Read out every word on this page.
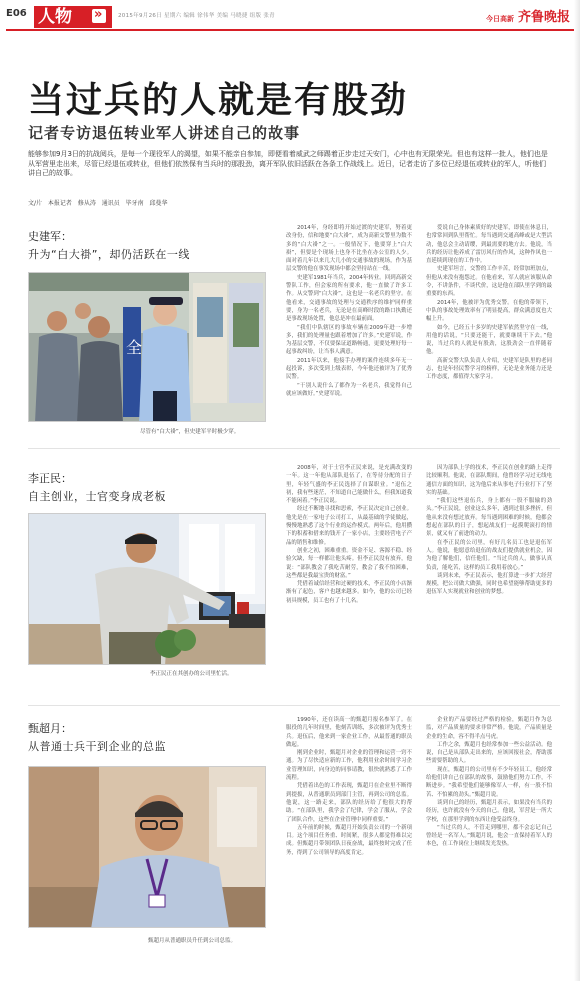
E06 人物 »	2015年9月26日 星期六 编辑 徐伟华 美编 马晓捷 组版 张青	今日高新 齐鲁晚报
当过兵的人就是有股劲
记者专访退伍转业军人讲述自己的故事

能够参加9月3日的抗战阅兵，是每一个现役军人的渴望，如果不能亲自参加，即便看着威武之师踢着正步走过天安门，心中也有无限荣光。但也有这样一批人，他们也是从军营里走出来，尽管已经退伍或转业，但他们依然保有当兵时的那股劲，离开军队依旧活跃在各条工作战线上。近日，记者走访了多位已经退伍或转业的军人，听他们讲自己的故事。

文/片 本报记者 修从涛 通讯员 毕牙南 邱曼华

史建军：
升为“白大褂”，却仍活跃在一线
全
尽管有“白大褂”，但史建军平时极少穿。

2014年，身经即将开始过渡的史建军，努着更改身份，信和地要“白大褂”，成为高新交警里为数不多的“白大褂”之一。一般情况下，他要穿上“白大褂”，但要是个现场上也身不比坐在办公室的人少。面对着几年以来几大几小的交通事故的现场，作为基层交警的他在事发现场中都会坚持站在一线。

史建军1981年当兵，2004年转业。回到高新交警队工作，但会家的所有要求，他一直做了许多工作。从交警到“白大褂”，这也是一名老兵的坚守。在他看来，交通事故的处理与交通秩序的维护同样重要，身为一名老兵，无论是在高峰时段的路口执勤还是事故现场处置，他总是冲在最前面。

“我们中队辖区的事故车辆在2009年进一步增多，我们的处理量也跟着增加了许多。”史建军说，作为基层交警，不仅要保证道路畅通，更要处理好每一起事故纠纷，让当事人满意。

2011年以来，他接手办理的案件连续多年无一起投诉，多次受到上级表彰，今年他还被评为了优秀民警。

“干别人说什么了都作为一名老兵，我觉得自己就应该做好。”史建军说。

爱说自己身体素质好的史建军，即使在休息日，也常常回到队里帮忙。每当遇到交通高峰或是大型活动，他总会主动请缨，到最需要的地方去。他说，当兵的经历让他养成了雷厉风行的作风，这种作风也一直延续到现在的工作中。

史建军坦言，交警的工作辛苦，经常加班加点，但他从来没有抱怨过。在他看来，军人就应该服从命令，不讲条件，不谈代价，这是他在部队里学到的最重要的东西。

2014年，他被评为优秀交警。在他的带领下，中队的事故处理效率有了明显提高，群众满意度也大幅上升。

如今，已经五十多岁的史建军依然坚守在一线，用他的话说，“只要还能干，就要继续干下去。”他说，当过兵的人就是有股劲，这股劲会一直伴随着他。

高新交警大队负责人介绍，史建军是队里的老同志，也是年轻民警学习的榜样，无论是业务能力还是工作态度，都值得大家学习。

李正民：
自主创业，士官变身成老板
李正民正在其创办的公司里忙活。

2008年，对于士官李正民来说，是充满改变的一年。这一年他从部队退伍了，在等待分配的日子里，年轻气盛的李正民选择了自谋职业。“退伍之初，我有些迷茫，不知道自己能做什么，但我知道我不能闲着。”李正民说。

经过不断地寻找和思索，李正民决定自己创业。他先是在一家电子公司打工，从最基础的学徒做起，慢慢地熟悉了这个行业的运作模式。两年后，他用攒下的积蓄和借来的钱开了一家小店，主要经营电子产品的销售和维修。

创业之初，困难重重。资金不足、客源不稳、经验欠缺，每一样都让他头疼。但李正民没有放弃，他说：“部队教会了我吃苦耐劳，教会了我不怕困难，这些都是我最宝贵的财富。”

凭借着诚信经营和过硬的技术，李正民的小店渐渐有了起色，客户也越来越多。如今，他的公司已经初具规模，员工也有了十几名。

因为部队上学的技术，李正民在创业的路上走得比较顺利。他说，在部队期间，他曾经学习过无线电通信方面的知识，这为他后来从事电子行业打下了坚实的基础。

“我们这些退伍兵，身上都有一股不服输的劲头。”李正民说，创业这么多年，遇到过很多挫折，但他从来没有想过放弃。每当遇到困难的时候，他都会想起在部队的日子，想起战友们一起摸爬滚打的情景，就又有了前进的动力。

在李正民的公司里，有好几名员工也是退伍军人。他说，他愿意给退伍的战友们提供就业机会，因为他了解他们，信任他们。“当过兵的人，做事认真负责，能吃苦，这样的员工我用着放心。”

谈到未来，李正民表示，他打算进一步扩大经营规模，把公司做大做强，同时也希望能够帮助更多的退伍军人实现就业和创业的梦想。

甄超月：
从普通士兵干到企业的总监
甄超月从普通职员升任到公司总监。

1990年，还在读高一的甄超月报名参军了。在服役的几年时间里，他刻苦训练，多次被评为优秀士兵。退伍后，他来到一家企业工作，从最普通的职员做起。

刚到企业时，甄超月对企业的管理和运营一窍不通。为了尽快适应新的工作，他利用业余时间学习企业管理知识，向身边的同事请教，很快就熟悉了工作流程。

凭借着出色的工作表现，甄超月在企业里不断得到提拔，从普通职员到部门主管，再到公司的总监。他说，这一路走来，部队的经历给了他很大的帮助。“在部队里，我学会了纪律，学会了服从，学会了团队合作，这些在企业管理中同样重要。”

五年前的时候，甄超月开始负责公司的一个新项目。这个项目任务重、时间紧，很多人都觉得难以完成。但甄超月带领团队日夜奋战，最终按时完成了任务，得到了公司领导的高度肯定。

企业的产品要经过严格的检验，甄超月作为总监，对产品质量的要求非常严格。他说，产品质量是企业的生命，容不得半点马虎。

工作之余，甄超月也经常参加一些公益活动。他说，自己是从部队走出来的，应该回报社会，帮助那些需要帮助的人。

现在，甄超月的公司里有不少年轻员工，他经常给他们讲自己在部队的故事，鼓励他们努力工作，不断进步。“我希望他们能够像军人一样，有一股不怕苦、不怕累的劲头。”甄超月说。

谈到自己的经历，甄超月表示，如果没有当兵的经历，也许就没有今天的自己。他说，军营是一所大学校，在那里学到的东西让他受益终身。

“当过兵的人，不管走到哪里，都不会忘记自己曾经是一名军人。”甄超月说，他会一直保持着军人的本色，在工作岗位上继续发光发热。
